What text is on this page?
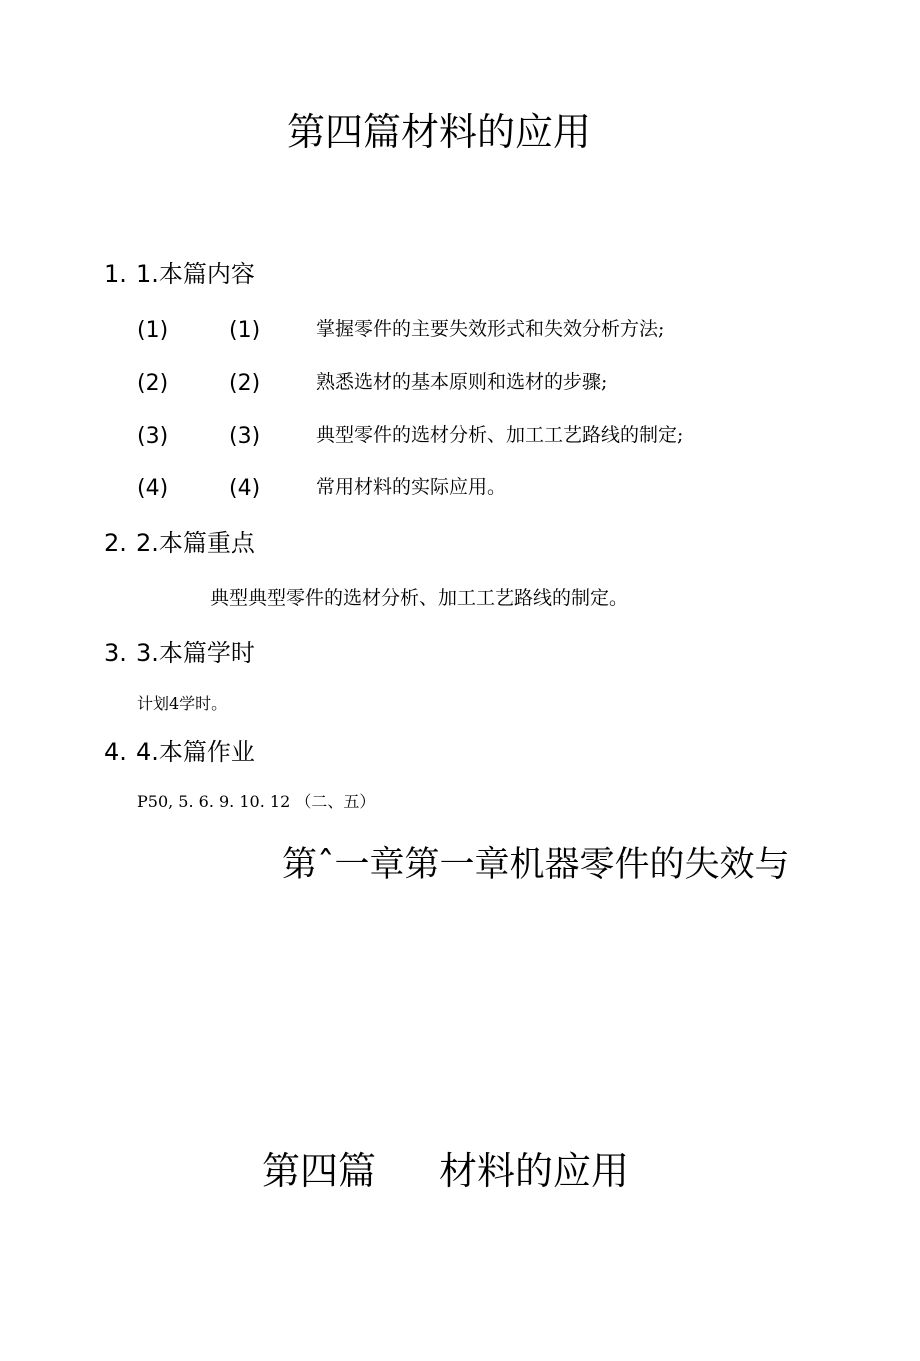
第四篇材料的应用
1. 1.本篇内容
(1)	(1)	掌握零件的主要失效形式和失效分析方法;
(2)	(2)	熟悉选材的基本原则和选材的步骤;
(3)	(3)	典型零件的选材分析、加工工艺路线的制定;
(4)	(4)	常用材料的实际应用。
2. 2.本篇重点
典型典型零件的选材分析、加工工艺路线的制定。
3. 3.本篇学时
计划4学时。
4. 4.本篇作业
P50, 5. 6. 9. 10. 12 （二、五）
第ˆ一章第一章机器零件的失效与
第四篇 材料的应用
